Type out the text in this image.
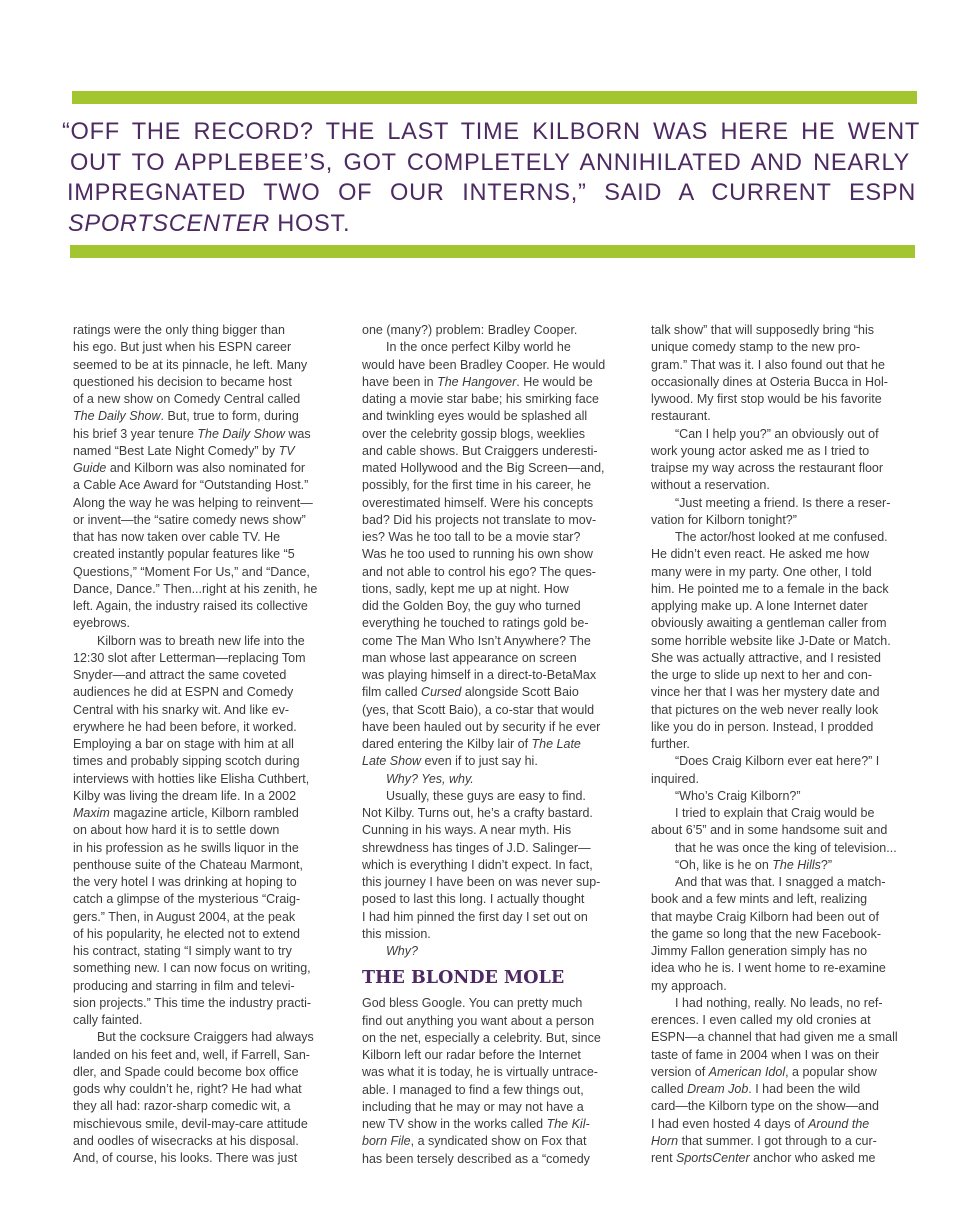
“OFF THE RECORD? THE LAST TIME KILBORN WAS HERE HE WENT
OUT TO APPLEBEE’S, GOT COMPLETELY ANNIHILATED AND NEARLY
IMPREGNATED TWO OF OUR INTERNS,” SAID A CURRENT ESPN
SPORTSCENTER HOST.
ratings were the only thing bigger than
his ego. But just when his ESPN career
seemed to be at its pinnacle, he left. Many
questioned his decision to became host
of a new show on Comedy Central called
The Daily Show. But, true to form, during
his brief 3 year tenure The Daily Show was
named “Best Late Night Comedy” by TV
Guide and Kilborn was also nominated for
a Cable Ace Award for “Outstanding Host.”
Along the way he was helping to reinvent—
or invent—the “satire comedy news show”
that has now taken over cable TV. He
created instantly popular features like “5
Questions,” “Moment For Us,” and “Dance,
Dance, Dance.” Then...right at his zenith, he
left. Again, the industry raised its collective
eyebrows.
Kilborn was to breath new life into the
12:30 slot after Letterman—replacing Tom
Snyder—and attract the same coveted
audiences he did at ESPN and Comedy
Central with his snarky wit. And like ev-
erywhere he had been before, it worked.
Employing a bar on stage with him at all
times and probably sipping scotch during
interviews with hotties like Elisha Cuthbert,
Kilby was living the dream life. In a 2002
Maxim magazine article, Kilborn rambled
on about how hard it is to settle down
in his profession as he swills liquor in the
penthouse suite of the Chateau Marmont,
the very hotel I was drinking at hoping to
catch a glimpse of the mysterious “Craig-
gers.” Then, in August 2004, at the peak
of his popularity, he elected not to extend
his contract, stating “I simply want to try
something new. I can now focus on writing,
producing and starring in film and televi-
sion projects.” This time the industry practi-
cally fainted.
But the cocksure Craiggers had always
landed on his feet and, well, if Farrell, San-
dler, and Spade could become box office
gods why couldn’t he, right? He had what
they all had: razor-sharp comedic wit, a
mischievous smile, devil-may-care attitude
and oodles of wisecracks at his disposal.
And, of course, his looks. There was just
one (many?) problem: Bradley Cooper.
In the once perfect Kilby world he
would have been Bradley Cooper. He would
have been in The Hangover. He would be
dating a movie star babe; his smirking face
and twinkling eyes would be splashed all
over the celebrity gossip blogs, weeklies
and cable shows. But Craiggers underesti-
mated Hollywood and the Big Screen—and,
possibly, for the first time in his career, he
overestimated himself. Were his concepts
bad? Did his projects not translate to mov-
ies? Was he too tall to be a movie star?
Was he too used to running his own show
and not able to control his ego? The ques-
tions, sadly, kept me up at night. How
did the Golden Boy, the guy who turned
everything he touched to ratings gold be-
come The Man Who Isn’t Anywhere? The
man whose last appearance on screen
was playing himself in a direct-to-BetaMax
film called Cursed alongside Scott Baio
(yes, that Scott Baio), a co-star that would
have been hauled out by security if he ever
dared entering the Kilby lair of The Late
Late Show even if to just say hi.
Why? Yes, why.
Usually, these guys are easy to find.
Not Kilby. Turns out, he’s a crafty bastard.
Cunning in his ways. A near myth. His
shrewdness has tinges of J.D. Salinger—
which is everything I didn’t expect. In fact,
this journey I have been on was never sup-
posed to last this long. I actually thought
I had him pinned the first day I set out on
this mission.
Why?
THE BLONDE MOLE
God bless Google. You can pretty much
find out anything you want about a person
on the net, especially a celebrity. But, since
Kilborn left our radar before the Internet
was what it is today, he is virtually untrace-
able. I managed to find a few things out,
including that he may or may not have a
new TV show in the works called The Kil-
born File, a syndicated show on Fox that
has been tersely described as a “comedy
talk show” that will supposedly bring “his
unique comedy stamp to the new pro-
gram.” That was it. I also found out that he
occasionally dines at Osteria Bucca in Hol-
lywood. My first stop would be his favorite
restaurant.
“Can I help you?” an obviously out of
work young actor asked me as I tried to
traipse my way across the restaurant floor
without a reservation.
“Just meeting a friend. Is there a reser-
vation for Kilborn tonight?”
The actor/host looked at me confused.
He didn’t even react. He asked me how
many were in my party. One other, I told
him. He pointed me to a female in the back
applying make up. A lone Internet dater
obviously awaiting a gentleman caller from
some horrible website like J-Date or Match.
She was actually attractive, and I resisted
the urge to slide up next to her and con-
vince her that I was her mystery date and
that pictures on the web never really look
like you do in person. Instead, I prodded
further.
“Does Craig Kilborn ever eat here?” I
inquired.
“Who’s Craig Kilborn?”
I tried to explain that Craig would be
about 6’5” and in some handsome suit and
that he was once the king of television...
“Oh, like is he on The Hills?”
And that was that. I snagged a match-
book and a few mints and left, realizing
that maybe Craig Kilborn had been out of
the game so long that the new Facebook-
Jimmy Fallon generation simply has no
idea who he is. I went home to re-examine
my approach.
I had nothing, really. No leads, no ref-
erences. I even called my old cronies at
ESPN—a channel that had given me a small
taste of fame in 2004 when I was on their
version of American Idol, a popular show
called Dream Job. I had been the wild
card—the Kilborn type on the show—and
I had even hosted 4 days of Around the
Horn that summer. I got through to a cur-
rent SportsCenter anchor who asked me
